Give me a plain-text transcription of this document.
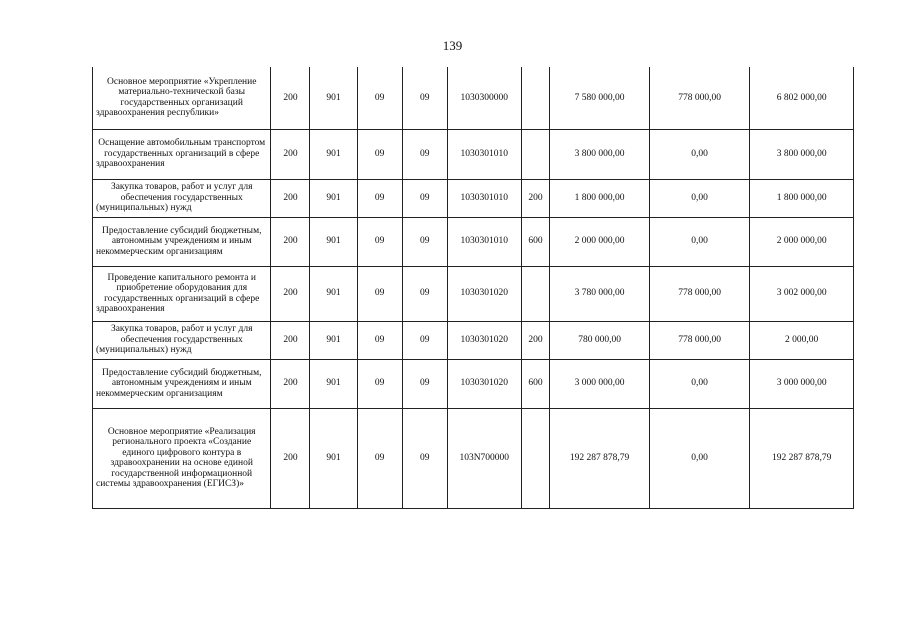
139
Основное мероприятие «Укрепление материально-технической базы государственных организаций здравоохранения республики»	200	901	09	09	1030300000		7 580 000,00	778 000,00	6 802 000,00
Оснащение автомобильным транспортом государственных организаций в сфере здравоохранения	200	901	09	09	1030301010		3 800 000,00	0,00	3 800 000,00
Закупка товаров, работ и услуг для обеспечения государственных (муниципальных) нужд	200	901	09	09	1030301010	200	1 800 000,00	0,00	1 800 000,00
Предоставление субсидий бюджетным, автономным учреждениям и иным некоммерческим организациям	200	901	09	09	1030301010	600	2 000 000,00	0,00	2 000 000,00
Проведение капитального ремонта и приобретение оборудования для государственных организаций в сфере здравоохранения	200	901	09	09	1030301020		3 780 000,00	778 000,00	3 002 000,00
Закупка товаров, работ и услуг для обеспечения государственных (муниципальных) нужд	200	901	09	09	1030301020	200	780 000,00	778 000,00	2 000,00
Предоставление субсидий бюджетным, автономным учреждениям и иным некоммерческим организациям	200	901	09	09	1030301020	600	3 000 000,00	0,00	3 000 000,00
Основное мероприятие «Реализация регионального проекта «Создание единого цифрового контура в здравоохранении на основе единой государственной информационной системы здравоохранения (ЕГИСЗ)»	200	901	09	09	103N700000		192 287 878,79	0,00	192 287 878,79
